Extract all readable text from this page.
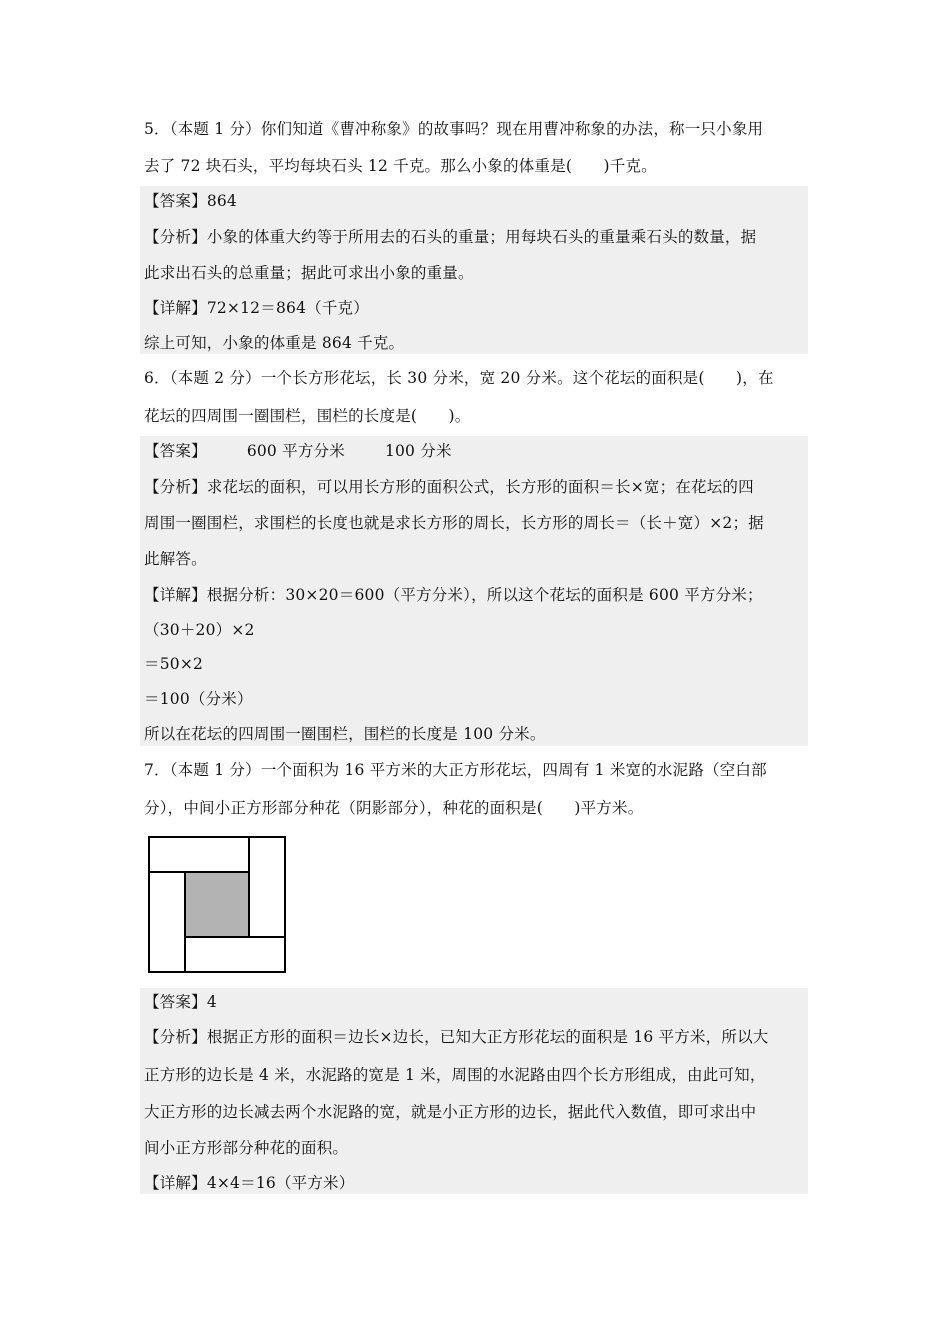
5．（本题 1 分）你们知道《曹冲称象》的故事吗？现在用曹冲称象的办法，称一只小象用
去了 72 块石头，平均每块石头 12 千克。那么小象的体重是(　　)千克。
【答案】864
【分析】小象的体重大约等于所用去的石头的重量；用每块石头的重量乘石头的数量，据
此求出石头的总重量；据此可求出小象的重量。
【详解】72×12＝864（千克）
综上可知，小象的体重是 864 千克。
6．（本题 2 分）一个长方形花坛，长 30 分米，宽 20 分米。这个花坛的面积是(　　)，在
花坛的四周围一圈围栏，围栏的长度是(　　)。
【答案】	600 平方分米	100 分米
【分析】求花坛的面积，可以用长方形的面积公式，长方形的面积＝长×宽；在花坛的四
周围一圈围栏，求围栏的长度也就是求长方形的周长，长方形的周长＝（长＋宽）×2；据
此解答。
【详解】根据分析：30×20＝600（平方分米），所以这个花坛的面积是 600 平方分米；
（30＋20）×2
＝50×2
＝100（分米）
所以在花坛的四周围一圈围栏，围栏的长度是 100 分米。
7．（本题 1 分）一个面积为 16 平方米的大正方形花坛，四周有 1 米宽的水泥路（空白部
分），中间小正方形部分种花（阴影部分），种花的面积是(　　)平方米。
【答案】4
【分析】根据正方形的面积＝边长×边长，已知大正方形花坛的面积是 16 平方米，所以大
正方形的边长是 4 米，水泥路的宽是 1 米，周围的水泥路由四个长方形组成，由此可知，
大正方形的边长减去两个水泥路的宽，就是小正方形的边长，据此代入数值，即可求出中
间小正方形部分种花的面积。
【详解】4×4＝16（平方米）
